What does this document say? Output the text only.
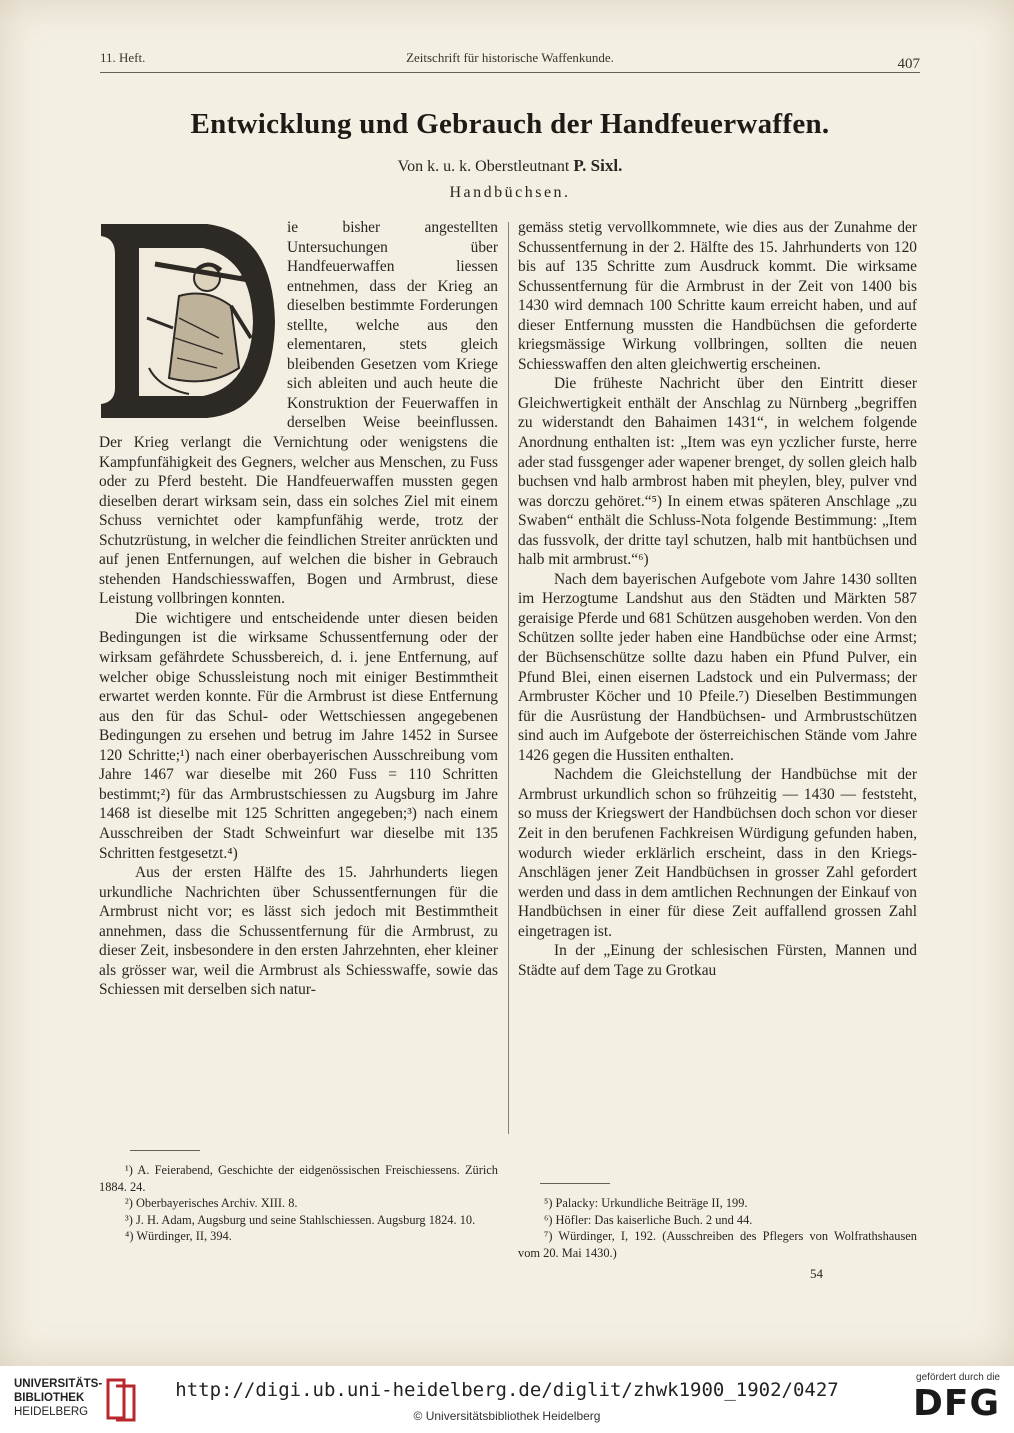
11. Heft.	Zeitschrift für historische Waffenkunde.	407
Entwicklung und Gebrauch der Handfeuerwaffen.
Von k. u. k. Oberstleutnant P. Sixl.
Handbüchsen.

ie bisher angestellten Untersuchungen über Handfeuerwaffen liessen entnehmen, dass der Krieg an dieselben bestimmte Forderungen stellte, welche aus den elementaren, stets gleich bleibenden Gesetzen vom Kriege sich ableiten und auch heute die Konstruktion der Feuerwaffen in derselben Weise beeinflussen. Der Krieg verlangt die Vernichtung oder wenigstens die Kampfunfähigkeit des Gegners, welcher aus Menschen, zu Fuss oder zu Pferd besteht. Die Handfeuerwaffen mussten gegen dieselben derart wirksam sein, dass ein solches Ziel mit einem Schuss vernichtet oder kampfunfähig werde, trotz der Schutzrüstung, in welcher die feindlichen Streiter anrückten und auf jenen Entfernungen, auf welchen die bisher in Gebrauch stehenden Handschiesswaffen, Bogen und Armbrust, diese Leistung vollbringen konnten.

Die wichtigere und entscheidende unter diesen beiden Bedingungen ist die wirksame Schussentfernung oder der wirksam gefährdete Schussbereich, d. i. jene Entfernung, auf welcher obige Schussleistung noch mit einiger Bestimmtheit erwartet werden konnte. Für die Armbrust ist diese Entfernung aus den für das Schul- oder Wettschiessen angegebenen Bedingungen zu ersehen und betrug im Jahre 1452 in Sursee 120 Schritte;¹) nach einer oberbayerischen Ausschreibung vom Jahre 1467 war dieselbe mit 260 Fuss = 110 Schritten bestimmt;²) für das Armbrustschiessen zu Augsburg im Jahre 1468 ist dieselbe mit 125 Schritten angegeben;³) nach einem Ausschreiben der Stadt Schweinfurt war dieselbe mit 135 Schritten festgesetzt.⁴)

Aus der ersten Hälfte des 15. Jahrhunderts liegen urkundliche Nachrichten über Schussentfernungen für die Armbrust nicht vor; es lässt sich jedoch mit Bestimmtheit annehmen, dass die Schussentfernung für die Armbrust, zu dieser Zeit, insbesondere in den ersten Jahrzehnten, eher kleiner als grösser war, weil die Armbrust als Schiesswaffe, sowie das Schiessen mit derselben sich natur-

gemäss stetig vervollkommnete, wie dies aus der Zunahme der Schussentfernung in der 2. Hälfte des 15. Jahrhunderts von 120 bis auf 135 Schritte zum Ausdruck kommt. Die wirksame Schussentfernung für die Armbrust in der Zeit von 1400 bis 1430 wird demnach 100 Schritte kaum erreicht haben, und auf dieser Entfernung mussten die Handbüchsen die geforderte kriegsmässige Wirkung vollbringen, sollten die neuen Schiesswaffen den alten gleichwertig erscheinen.

Die früheste Nachricht über den Eintritt dieser Gleichwertigkeit enthält der Anschlag zu Nürnberg „begriffen zu widerstandt den Bahaimen 1431“, in welchem folgende Anordnung enthalten ist: „Item was eyn yczlicher furste, herre ader stad fussgenger ader wapener brenget, dy sollen gleich halb buchsen vnd halb armbrost haben mit pheylen, bley, pulver vnd was dorczu gehöret.“⁵) In einem etwas späteren Anschlage „zu Swaben“ enthält die Schluss-Nota folgende Bestimmung: „Item das fussvolk, der dritte tayl schutzen, halb mit hantbüchsen und halb mit armbrust.“⁶)

Nach dem bayerischen Aufgebote vom Jahre 1430 sollten im Herzogtume Landshut aus den Städten und Märkten 587 geraisige Pferde und 681 Schützen ausgehoben werden. Von den Schützen sollte jeder haben eine Handbüchse oder eine Armst; der Büchsenschütze sollte dazu haben ein Pfund Pulver, ein Pfund Blei, einen eisernen Ladstock und ein Pulvermass; der Armbruster Köcher und 10 Pfeile.⁷) Dieselben Bestimmungen für die Ausrüstung der Handbüchsen- und Armbrustschützen sind auch im Aufgebote der österreichischen Stände vom Jahre 1426 gegen die Hussiten enthalten.

Nachdem die Gleichstellung der Handbüchse mit der Armbrust urkundlich schon so frühzeitig — 1430 — feststeht, so muss der Kriegswert der Handbüchsen doch schon vor dieser Zeit in den berufenen Fachkreisen Würdigung gefunden haben, wodurch wieder erklärlich erscheint, dass in den Kriegs-Anschlägen jener Zeit Handbüchsen in grosser Zahl gefordert werden und dass in dem amtlichen Rechnungen der Einkauf von Handbüchsen in einer für diese Zeit auffallend grossen Zahl eingetragen ist.

In der „Einung der schlesischen Fürsten, Mannen und Städte auf dem Tage zu Grotkau

¹) A. Feierabend, Geschichte der eidgenössischen Freischiessens. Zürich 1884. 24.

²) Oberbayerisches Archiv. XIII. 8.

³) J. H. Adam, Augsburg und seine Stahlschiessen. Augsburg 1824. 10.

⁴) Würdinger, II, 394.

⁵) Palacky: Urkundliche Beiträge II, 199.

⁶) Höfler: Das kaiserliche Buch. 2 und 44.

⁷) Würdinger, I, 192. (Ausschreiben des Pflegers von Wolfrathshausen vom 20. Mai 1430.)

54
UNIVERSITÄTS-
BIBLIOTHEK
HEIDELBERG
http://digi.ub.uni-heidelberg.de/diglit/zhwk1900_1902/0427
© Universitätsbibliothek Heidelberg
gefördert durch die
DFG
